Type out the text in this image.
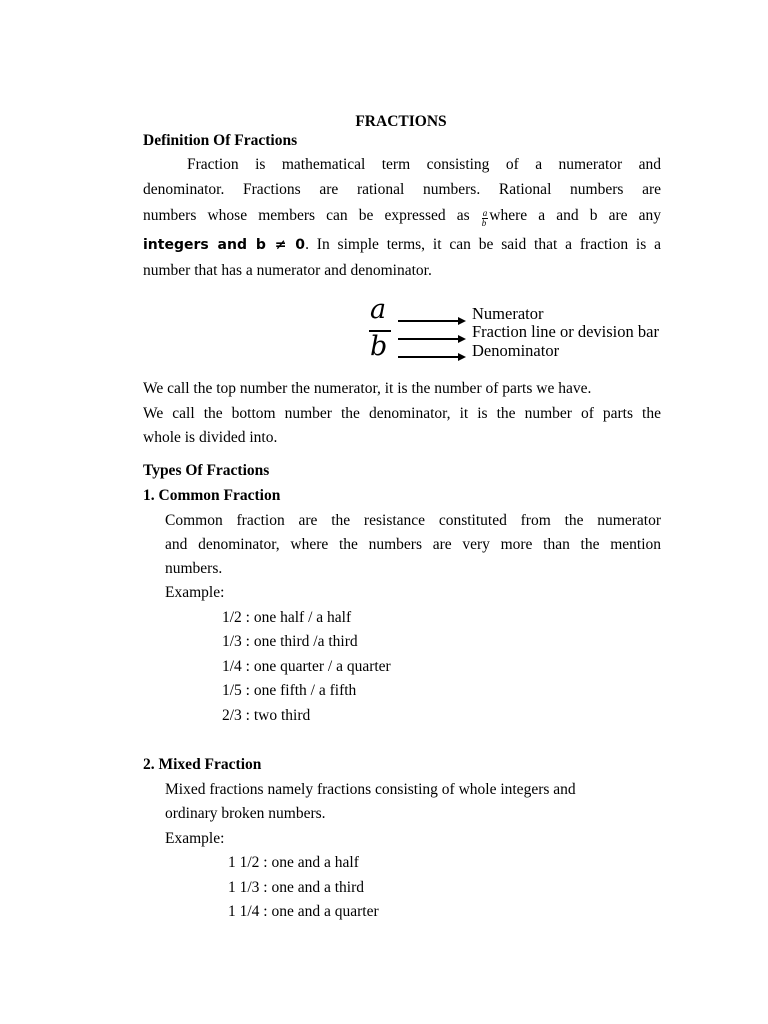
FRACTIONS
Definition Of Fractions
Fraction is mathematical term consisting of a numerator and
denominator. Fractions are rational numbers. Rational numbers are
numbers whose members can be expressed as $\frac{a}{b}$ where a and b are any
integers and b ≠ 0. In simple terms, it can be said that a fraction is a
number that has a numerator and denominator.
a
b
Numerator
Fraction line or devision bar
Denominator
We call the top number the numerator, it is the number of parts we have.
We call the bottom number the denominator, it is the number of parts the
whole is divided into.
Types Of Fractions
1. Common Fraction
Common fraction are the resistance constituted from the numerator
and denominator, where the numbers are very more than the mention
numbers.
Example:
1/2 : one half / a half
1/3 : one third /a third
1/4 : one quarter / a quarter
1/5 : one fifth / a fifth
2/3 : two third
2. Mixed Fraction
Mixed fractions namely fractions consisting of whole integers and
ordinary broken numbers.
Example:
1 1/2 : one and a half
1 1/3 : one and a third
1 1/4 : one and a quarter
